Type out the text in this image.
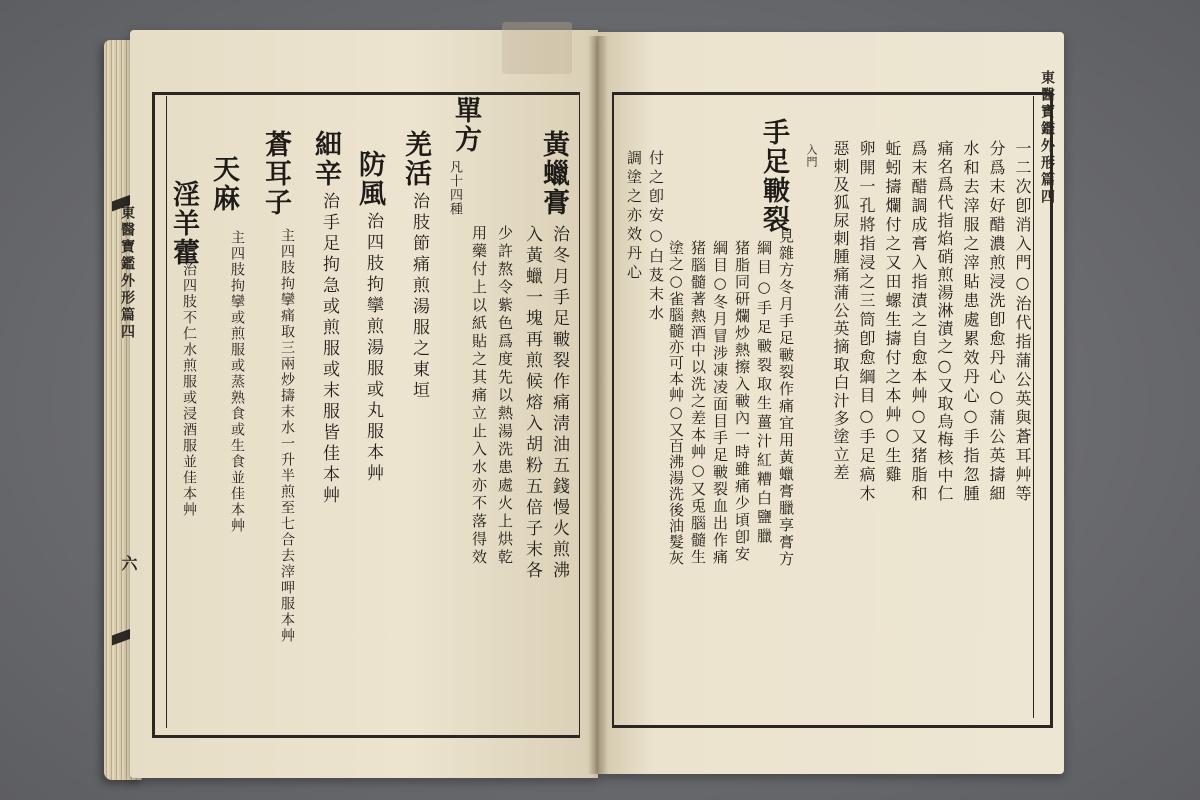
東醫寶鑑外形篇四
六
東醫寶鑑外形篇四
黃蠟膏
治冬月手足皸裂作痛淸油五錢慢火煎沸
入黃蠟一塊再煎候熔入胡粉五倍子末各
少許熬令紫色爲度先以熱湯洗患處火上烘乾
用藥付上以紙貼之其痛立止入水亦不落得效
單方
凡十四種
羌活
治肢節痛煎湯服之東垣
防風
治四肢拘攣煎湯服或丸服本艸
細辛
治手足拘急或煎服或末服皆佳本艸
蒼耳子
主四肢拘攣痛取三兩炒擣末水一升半煎至七合去滓呷服本艸
天麻
主四肢拘攣或煎服或蒸熟食或生食並佳本艸
淫羊藿
治四肢不仁水煎服或浸酒服並佳本艸	一二次卽消入門○治代指蒲公英與蒼耳艸等
分爲末好醋濃煎浸洗卽愈丹心○蒲公英擣細
水和去滓服之滓貼患處累效丹心○手指忽腫
痛名爲代指焰硝煎湯淋漬之○又取烏梅核中仁
爲末醋調成膏入指漬之自愈本艸○又猪脂和
蚯蚓擣爛付之又田螺生擣付之本艸○生雞
卵開一孔將指浸之三筒卽愈綱目○手足瘑木
惡刺及狐尿刺腫痛蒲公英摘取白汁多塗立差
入門
手足皸裂
見雜方冬月手足皸裂作痛宜用黃蠟膏臘享膏方
綱目○手足皸裂取生薑汁紅糟白鹽臘
猪脂同研爛炒熱擦入皸內一時雖痛少頃卽安
綱目○冬月冒涉凍凌面目手足皸裂血出作痛
猪腦髓著熱酒中以洗之差本艸○又兎腦髓生
塗之○雀腦髓亦可本艸○又百沸湯洗後油髮灰
付之卽安○白芨末水
調塗之亦效丹心
